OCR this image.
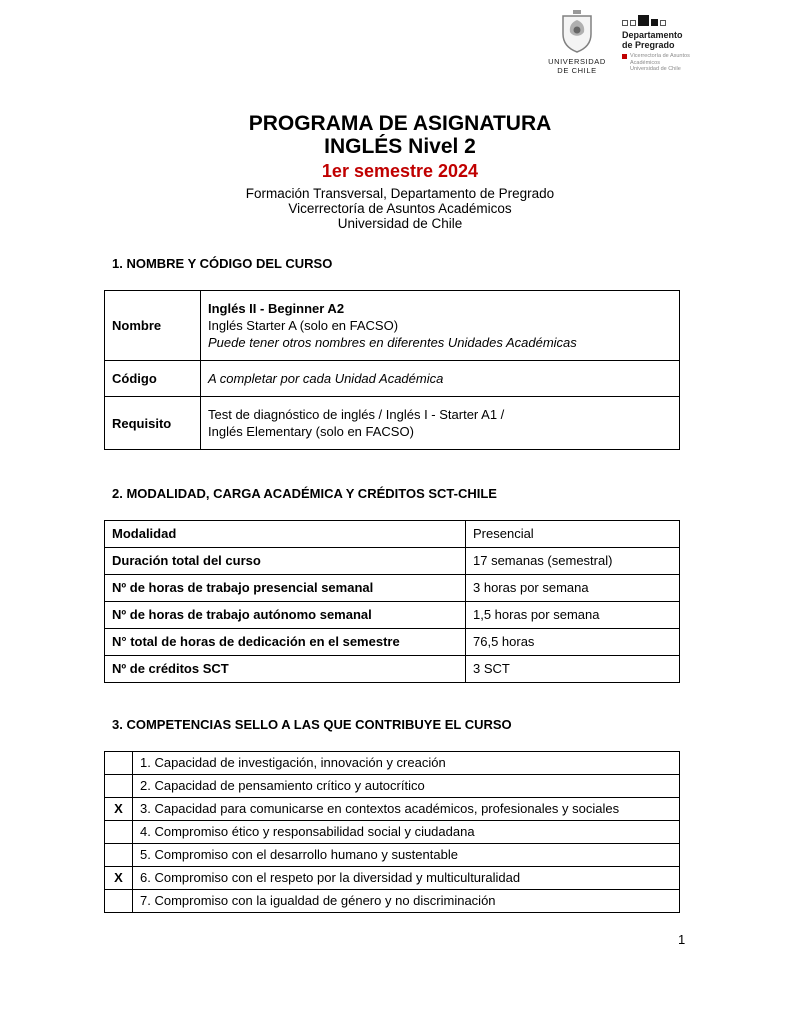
UNIVERSIDAD
DE CHILE
Departamento
de Pregrado
Vicerrectoría de Asuntos
Académicos
Universidad de Chile
PROGRAMA DE ASIGNATURA
INGLÉS Nivel 2
1er semestre 2024
Formación Transversal, Departamento de Pregrado
Vicerrectoría de Asuntos Académicos
Universidad de Chile
1. NOMBRE Y CÓDIGO DEL CURSO
Nombre	Inglés II - Beginner A2
Inglés Starter A (solo en FACSO)
Puede tener otros nombres en diferentes Unidades Académicas

Código	A completar por cada Unidad Académica

Requisito	Test de diagnóstico de inglés / Inglés I - Starter A1 /
Inglés Elementary (solo en FACSO)
2. MODALIDAD, CARGA ACADÉMICA Y CRÉDITOS SCT-CHILE
Modalidad	Presencial
Duración total del curso	17 semanas (semestral)
Nº de horas de trabajo presencial semanal	3 horas por semana
Nº de horas de trabajo autónomo semanal	1,5 horas por semana
N° total de horas de dedicación en el semestre	76,5 horas
Nº de créditos SCT	3 SCT
3. COMPETENCIAS SELLO A LAS QUE CONTRIBUYE EL CURSO
	1. Capacidad de investigación, innovación y creación
	2. Capacidad de pensamiento crítico y autocrítico
X	3. Capacidad para comunicarse en contextos académicos, profesionales y sociales
	4. Compromiso ético y responsabilidad social y ciudadana
	5. Compromiso con el desarrollo humano y sustentable
X	6. Compromiso con el respeto por la diversidad y multiculturalidad
	7. Compromiso con la igualdad de género y no discriminación
1
